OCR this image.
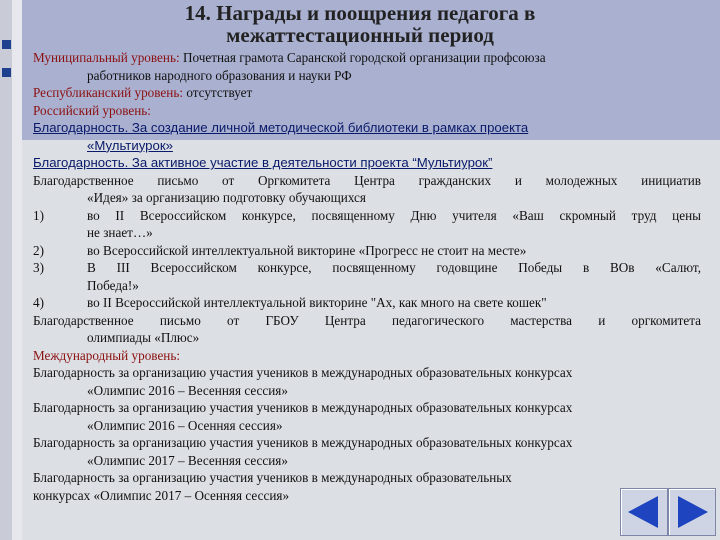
14. Награды и поощрения педагога в
межаттестационный период
Муниципальный уровень: Почетная грамота Саранской городской организации профсоюза
работников народного образования и науки РФ
Республиканский уровень: отсутствует
Российский уровень:
Благодарность. За создание личной методической библиотеки в рамках проекта
«Мультиурок»
Благодарность. За активное участие в деятельности проекта “Мультиурок”
Благодарственное письмо от Оргкомитета Центра гражданских и молодежных инициатив
«Идея» за организацию подготовку обучающихся
1)	во II Всероссийском конкурсе, посвященному Дню учителя «Ваш скромный труд цены
не знает…»
2)	во Всероссийской интеллектуальной викторине «Прогресс не стоит на месте»
3)	В III Всероссийском конкурсе, посвященному годовщине Победы в ВОв «Салют,
Победа!»
4)	во II Всероссийской интеллектуальной викторине "Ах, как много на свете кошек"
Благодарственное письмо от ГБОУ Центра педагогического мастерства и оргкомитета
олимпиады «Плюс»
Международный уровень:
Благодарность за организацию участия учеников в международных образовательных конкурсах
«Олимпис 2016 – Весенняя сессия»
Благодарность за организацию участия учеников в международных образовательных конкурсах
«Олимпис 2016 – Осенняя сессия»
Благодарность за организацию участия учеников в международных образовательных конкурсах
«Олимпис 2017 – Весенняя сессия»
Благодарность за организацию участия учеников в международных образовательных
конкурсах «Олимпис 2017 – Осенняя сессия»
